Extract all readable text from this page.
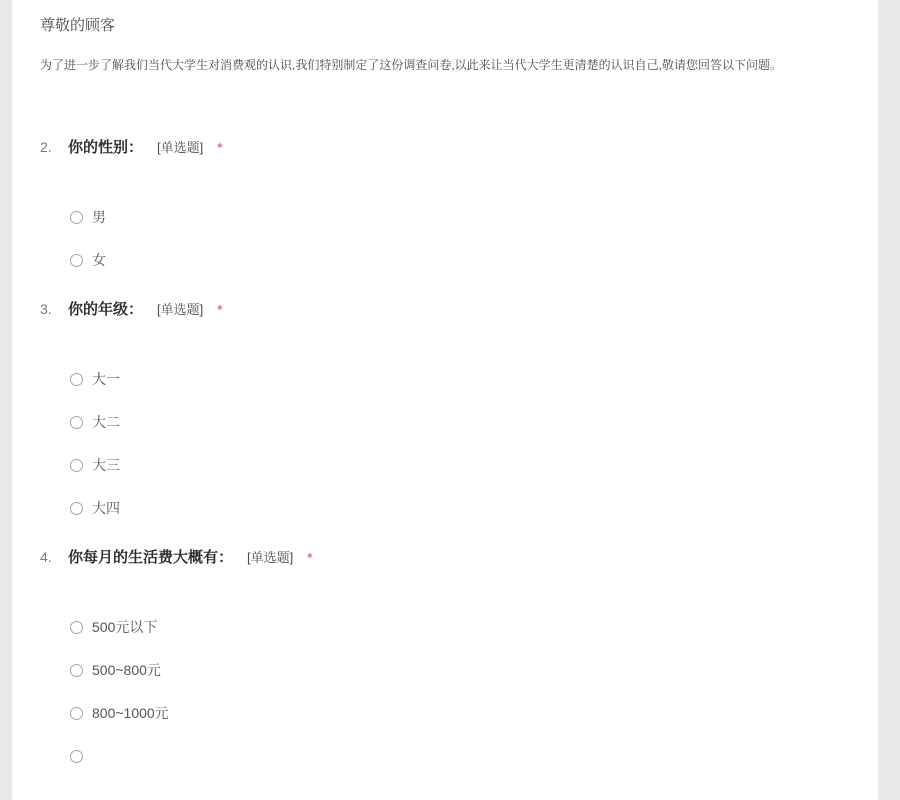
尊敬的顾客
为了进一步了解我们当代大学生对消费观的认识,我们特别制定了这份调查问卷,以此来让当代大学生更清楚的认识自己,敬请您回答以下问题。
2. 你的性别： [单选题] *
男
女
3. 你的年级： [单选题] *
大一
大二
大三
大四
4. 你每月的生活费大概有： [单选题] *
500元以下
500~800元
800~1000元
